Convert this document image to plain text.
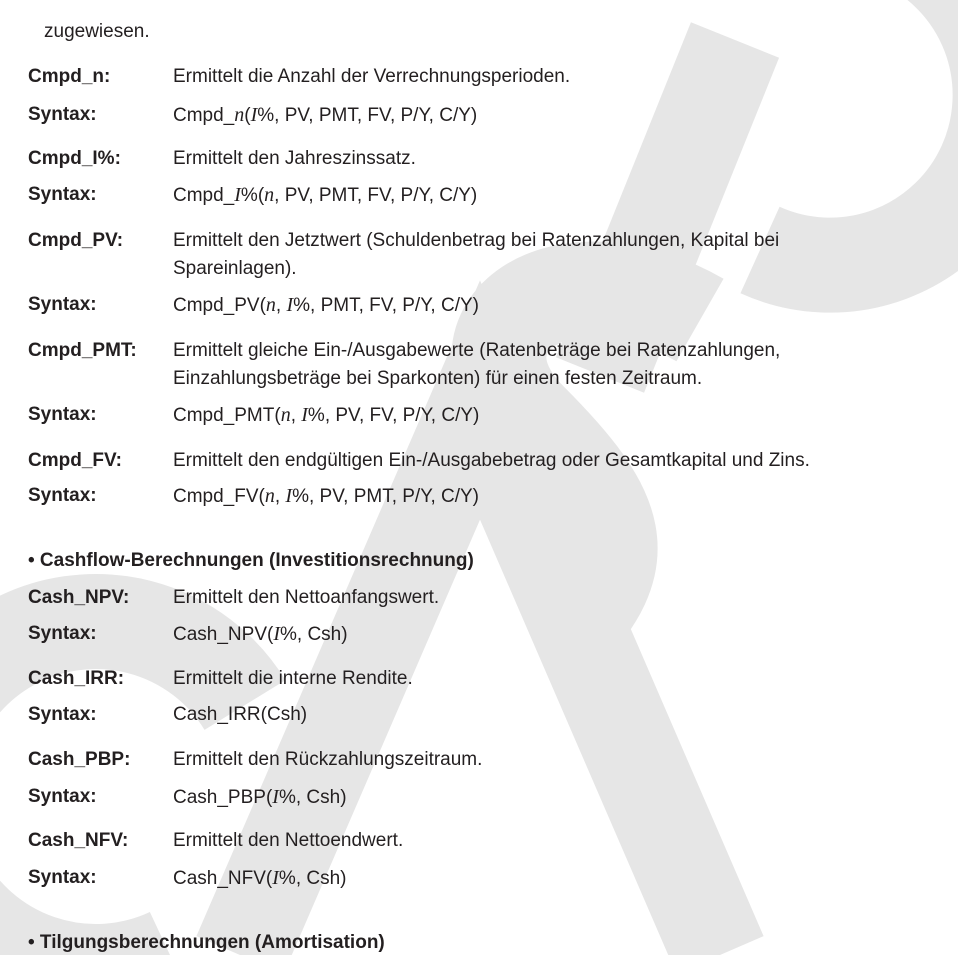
zugewiesen.
Cmpd_n:	Ermittelt die Anzahl der Verrechnungsperioden.
Syntax:	Cmpd_n(I%, PV, PMT, FV, P/Y, C/Y)
Cmpd_I%:	Ermittelt den Jahreszinssatz.
Syntax:	Cmpd_I%(n, PV, PMT, FV, P/Y, C/Y)
Cmpd_PV:	Ermittelt den Jetztwert (Schuldenbetrag bei Ratenzahlungen, Kapital bei
Spareinlagen).
Syntax:	Cmpd_PV(n, I%, PMT, FV, P/Y, C/Y)
Cmpd_PMT: Ermittelt gleiche Ein-/Ausgabewerte (Ratenbeträge bei Ratenzahlungen,
Einzahlungsbeträge bei Sparkonten) für einen festen Zeitraum.
Syntax:	Cmpd_PMT(n, I%, PV, FV, P/Y, C/Y)
Cmpd_FV:	Ermittelt den endgültigen Ein-/Ausgabebetrag oder Gesamtkapital und Zins.
Syntax:	Cmpd_FV(n, I%, PV, PMT, P/Y, C/Y)
• Cashflow-Berechnungen (Investitionsrechnung)
Cash_NPV: Ermittelt den Nettoanfangswert.
Syntax:	Cash_NPV(I%, Csh)
Cash_IRR:	Ermittelt die interne Rendite.
Syntax:	Cash_IRR(Csh)
Cash_PBP: Ermittelt den Rückzahlungszeitraum.
Syntax:	Cash_PBP(I%, Csh)
Cash_NFV: Ermittelt den Nettoendwert.
Syntax:	Cash_NFV(I%, Csh)
• Tilgungsberechnungen (Amortisation)
